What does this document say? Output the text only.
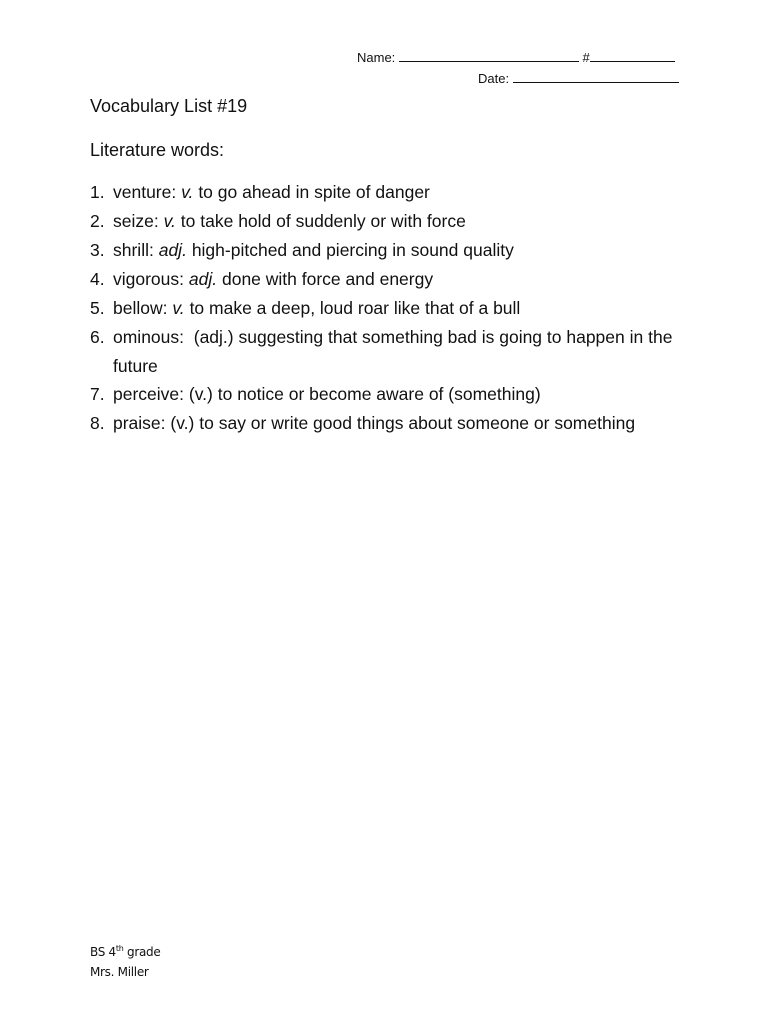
Name:	#
Date:
Vocabulary List #19
Literature words:
1. venture: v. to go ahead in spite of danger
2. seize: v. to take hold of suddenly or with force
3. shrill: adj. high-pitched and piercing in sound quality
4. vigorous: adj. done with force and energy
5. bellow: v. to make a deep, loud roar like that of a bull
6. ominous: (adj.) suggesting that something bad is going to happen in the future
7. perceive: (v.) to notice or become aware of (something)
8. praise: (v.) to say or write good things about someone or something
BS 4th grade
Mrs. Miller
